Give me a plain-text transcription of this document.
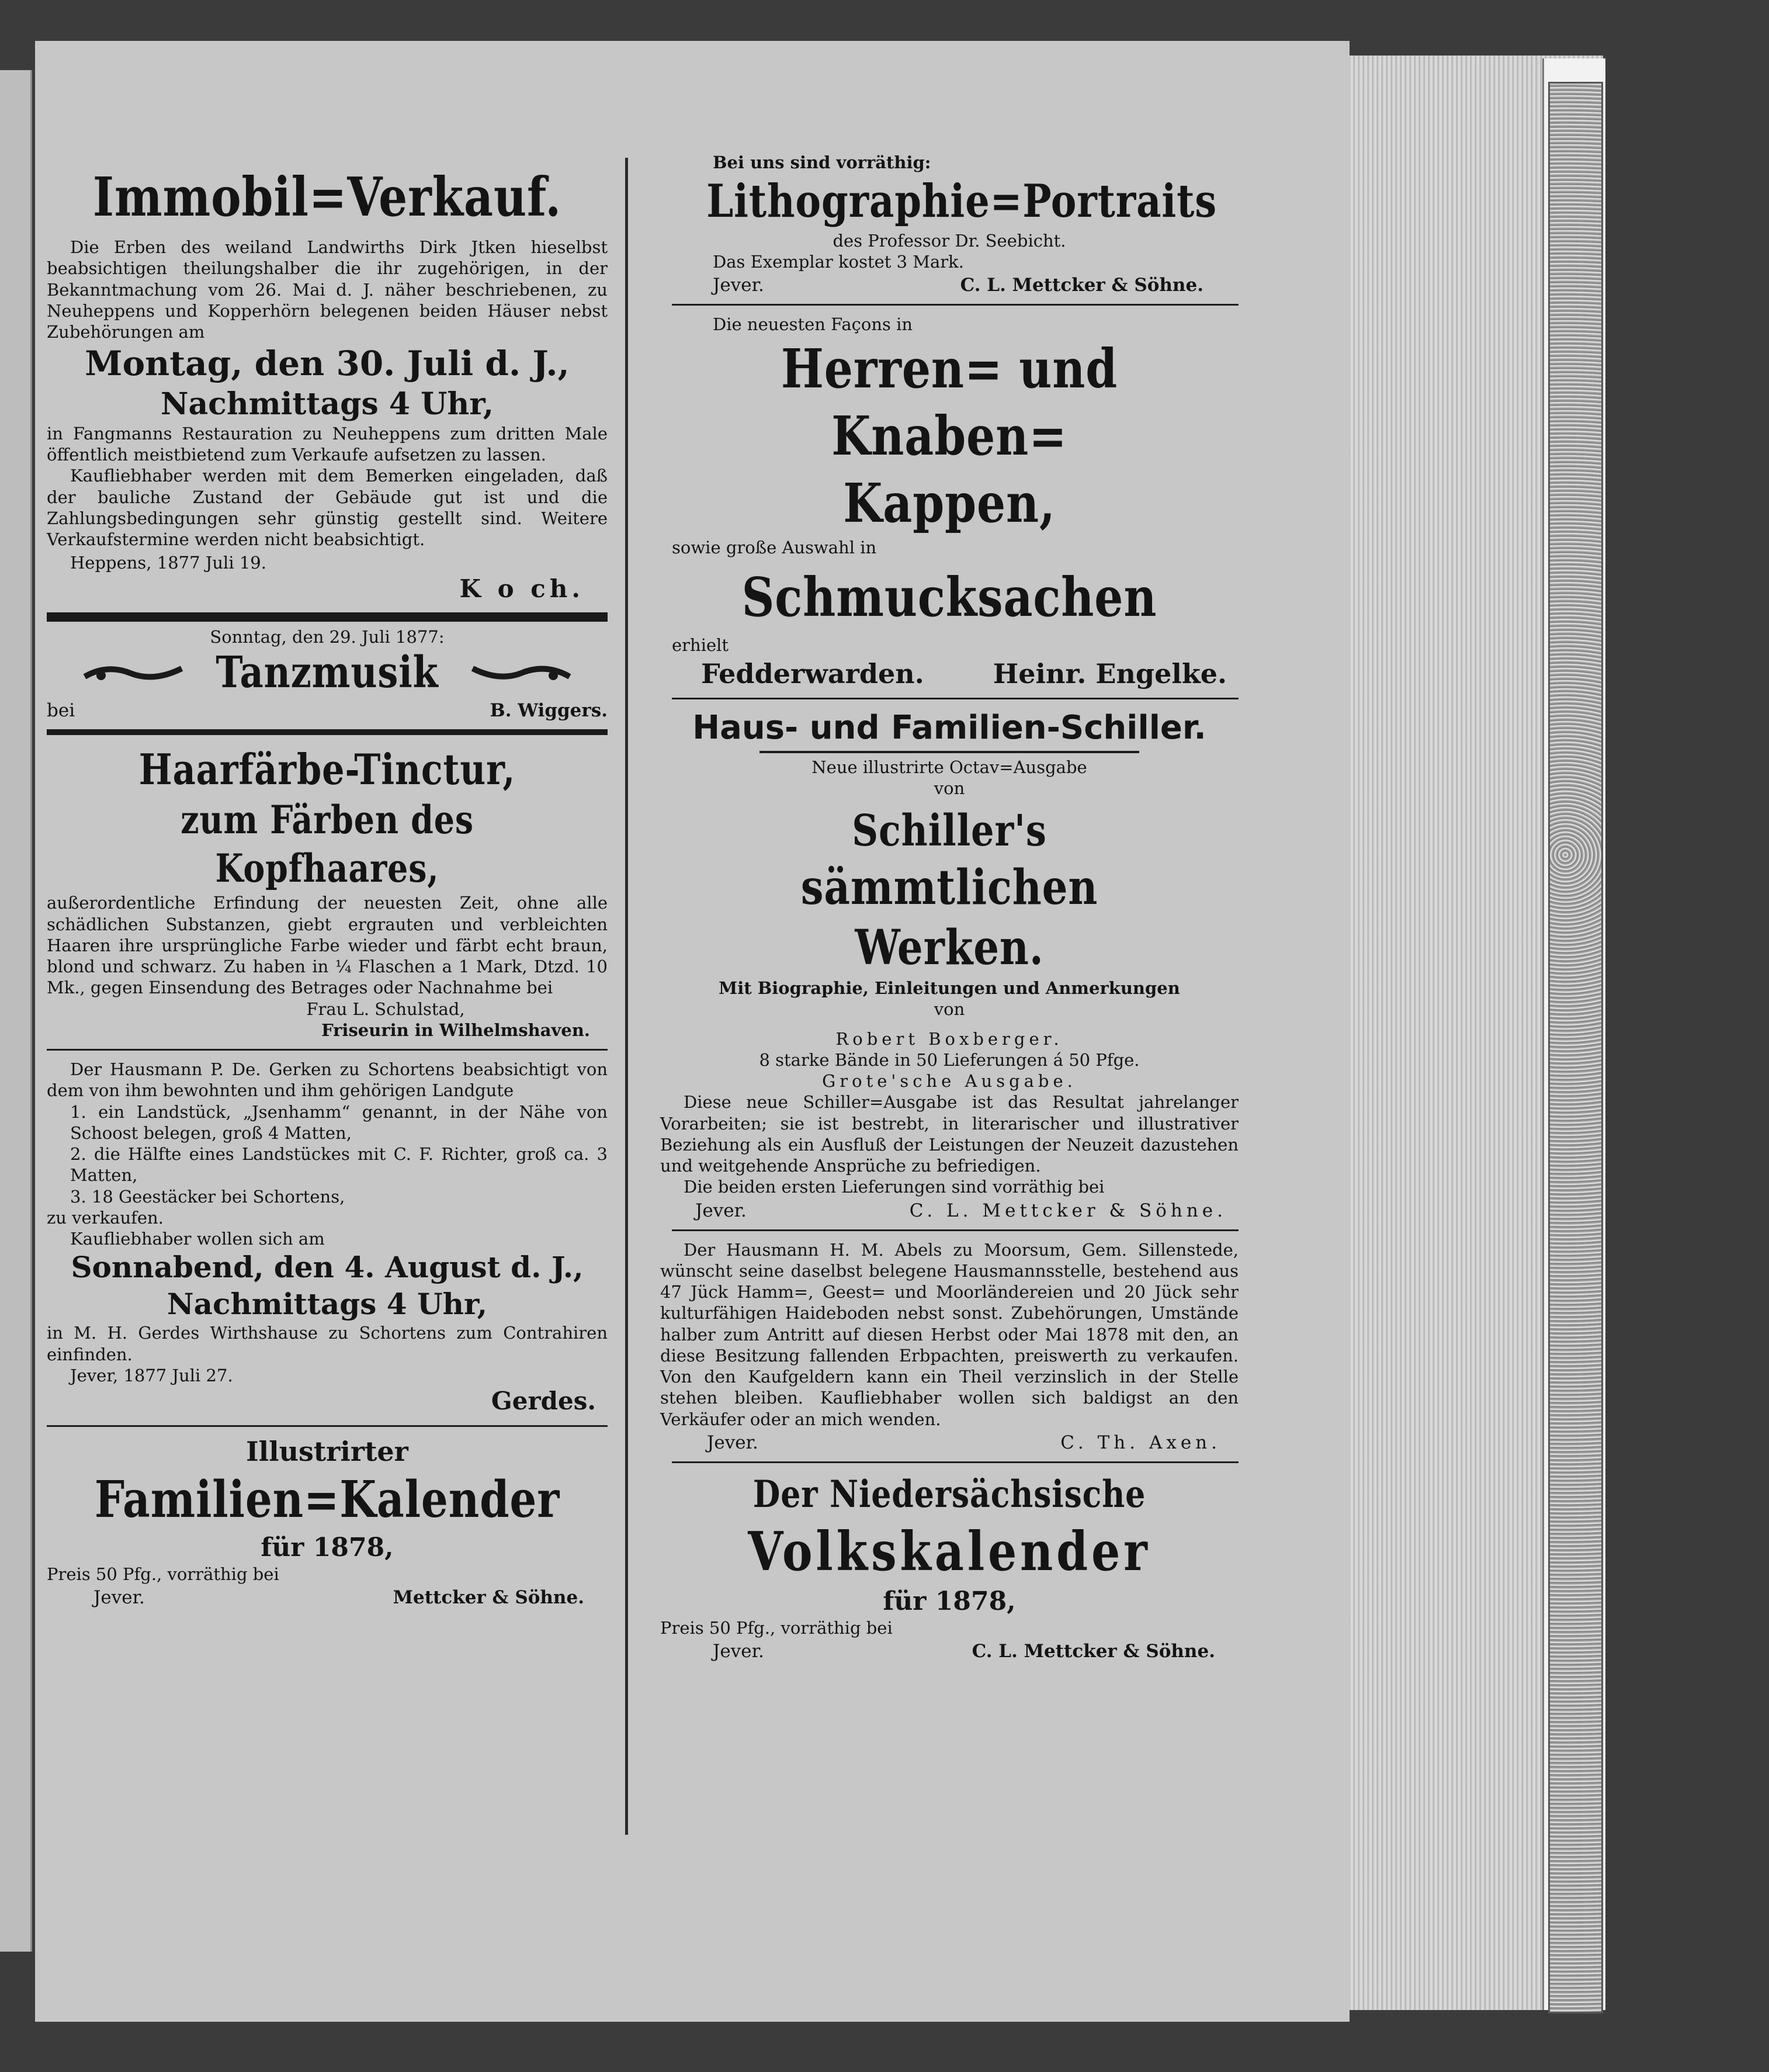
Immobil=Verkauf.

Die Erben des weiland Landwirths Dirk Jtken hieselbst beabsichtigen theilungshalber die ihr zugehörigen, in der Bekanntmachung vom 26. Mai d. J. näher beschriebenen, zu Neuheppens und Kopperhörn belegenen beiden Häuser nebst Zubehörungen am

Montag, den 30. Juli d. J.,

Nachmittags 4 Uhr,

in Fangmanns Restauration zu Neuheppens zum dritten Male öffentlich meistbietend zum Verkaufe aufsetzen zu lassen.

Kaufliebhaber werden mit dem Bemerken eingeladen, daß der bauliche Zustand der Gebäude gut ist und die Zahlungsbedingungen sehr günstig gestellt sind. Weitere Verkaufstermine werden nicht beabsichtigt.

Heppens, 1877 Juli 19.

K o ch.

Sonntag, den 29. Juli 1877:

Tanzmusik
bei	B. Wiggers.

Haarfärbe-Tinctur,

zum Färben des Kopfhaares,

außerordentliche Erfindung der neuesten Zeit, ohne alle schädlichen Substanzen, giebt ergrauten und verbleichten Haaren ihre ursprüngliche Farbe wieder und färbt echt braun, blond und schwarz. Zu haben in ¼ Flaschen a 1 Mark, Dtzd. 10 Mk., gegen Einsendung des Betrages oder Nachnahme bei

Frau L. Schulstad,

Friseurin in Wilhelmshaven.

Der Hausmann P. De. Gerken zu Schortens beabsichtigt von dem von ihm bewohnten und ihm gehörigen Landgute

1. ein Landstück, „Jsenhamm“ genannt, in der Nähe von Schoost belegen, groß 4 Matten,

2. die Hälfte eines Landstückes mit C. F. Richter, groß ca. 3 Matten,

3. 18 Geestäcker bei Schortens,

zu verkaufen.

Kaufliebhaber wollen sich am

Sonnabend, den 4. August d. J.,

Nachmittags 4 Uhr,

in M. H. Gerdes Wirthshause zu Schortens zum Contrahiren einfinden.

Jever, 1877 Juli 27.

Gerdes.

Illustrirter

Familien=Kalender

für 1878,

Preis 50 Pfg., vorräthig bei

Jever.	Mettcker & Söhne.

Bei uns sind vorräthig:

Lithographie=Portraits

des Professor Dr. Seebicht.

Das Exemplar kostet 3 Mark.

Jever.	C. L. Mettcker & Söhne.

Die neuesten Façons in

Herren= und Knaben=

Kappen,

sowie große Auswahl in

Schmucksachen

erhielt

Fedderwarden.	Heinr. Engelke.

Haus- und Familien-Schiller.

Neue illustrirte Octav=Ausgabe

von

Schiller's

sämmtlichen Werken.

Mit Biographie, Einleitungen und Anmerkungen

von

Robert Boxberger.

8 starke Bände in 50 Lieferungen á 50 Pfge.

Grote'sche Ausgabe.

Diese neue Schiller=Ausgabe ist das Resultat jahrelanger Vorarbeiten; sie ist bestrebt, in literarischer und illustrativer Beziehung als ein Ausfluß der Leistungen der Neuzeit dazustehen und weitgehende Ansprüche zu befriedigen.

Die beiden ersten Lieferungen sind vorräthig bei

Jever.	C. L. Mettcker & Söhne.

Der Hausmann H. M. Abels zu Moorsum, Gem. Sillenstede, wünscht seine daselbst belegene Hausmannsstelle, bestehend aus 47 Jück Hamm=, Geest= und Moorländereien und 20 Jück sehr kulturfähigen Haideboden nebst sonst. Zubehörungen, Umstände halber zum Antritt auf diesen Herbst oder Mai 1878 mit den, an diese Besitzung fallenden Erbpachten, preiswerth zu verkaufen. Von den Kaufgeldern kann ein Theil verzinslich in der Stelle stehen bleiben. Kaufliebhaber wollen sich baldigst an den Verkäufer oder an mich wenden.

Jever.	C. Th. Axen.

Der Niedersächsische

Volkskalender

für 1878,

Preis 50 Pfg., vorräthig bei

Jever.	C. L. Mettcker & Söhne.
